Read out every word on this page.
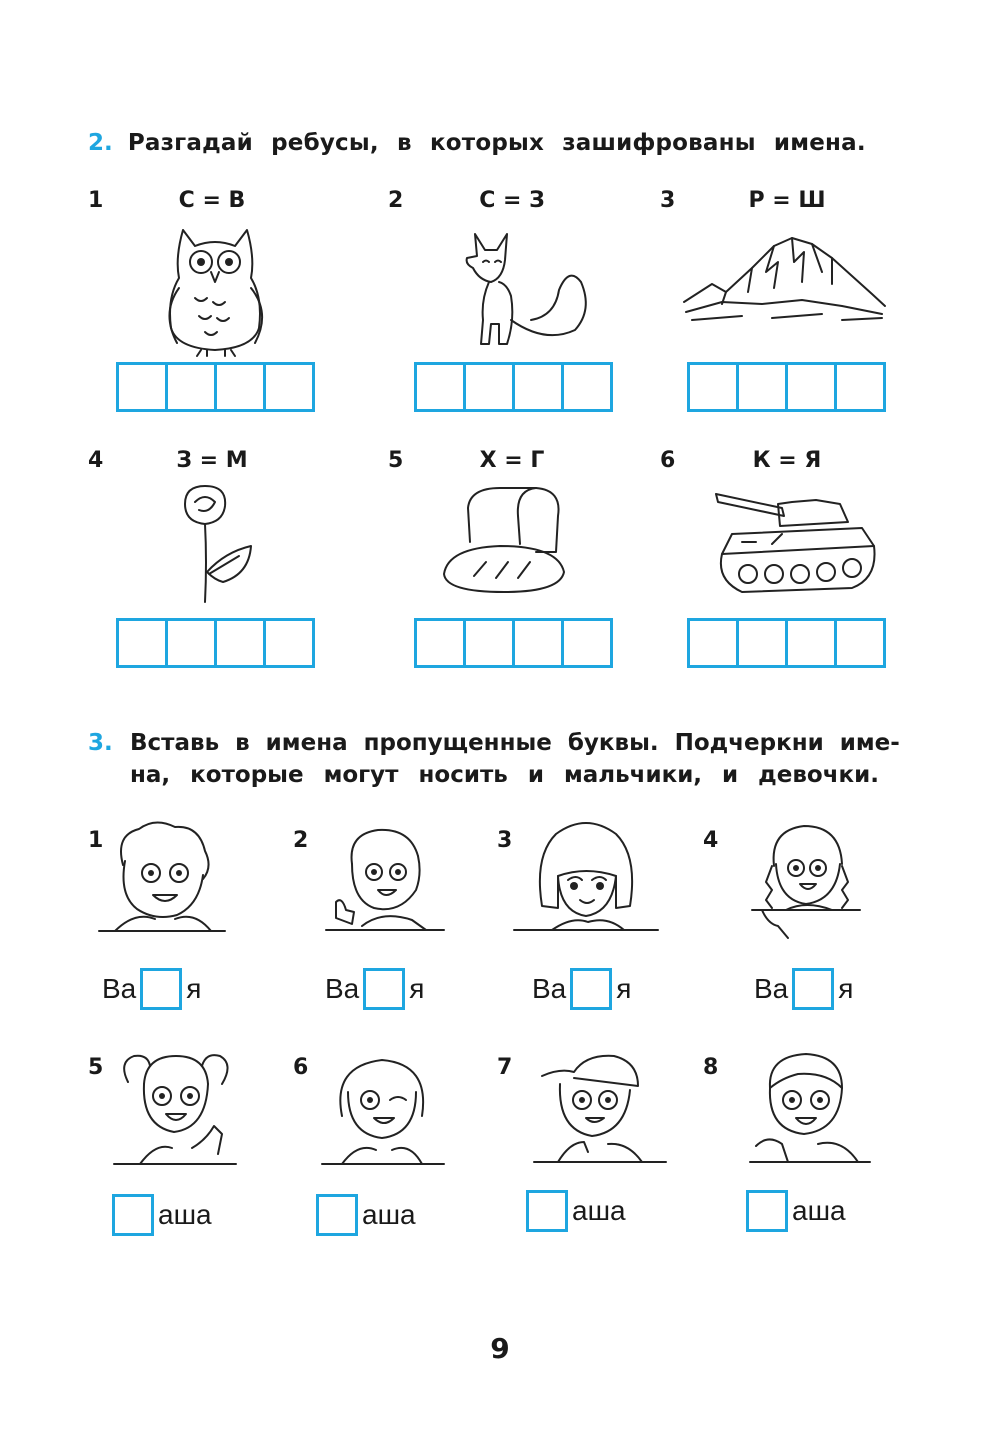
2. Разгадай ребусы, в которых зашифрованы имена.
1	С = В	2	С = З	3	Р = Ш
4	З = М	5	Х = Г	6	К = Я
3. Вставь в имена пропущенные буквы. Подчеркни име-
на, которые могут носить и мальчики, и девочки.
1
Ва я
2
Ва я
3
Ва я
4
Ва я
5
аша
6
аша
7
аша
8
аша
9
